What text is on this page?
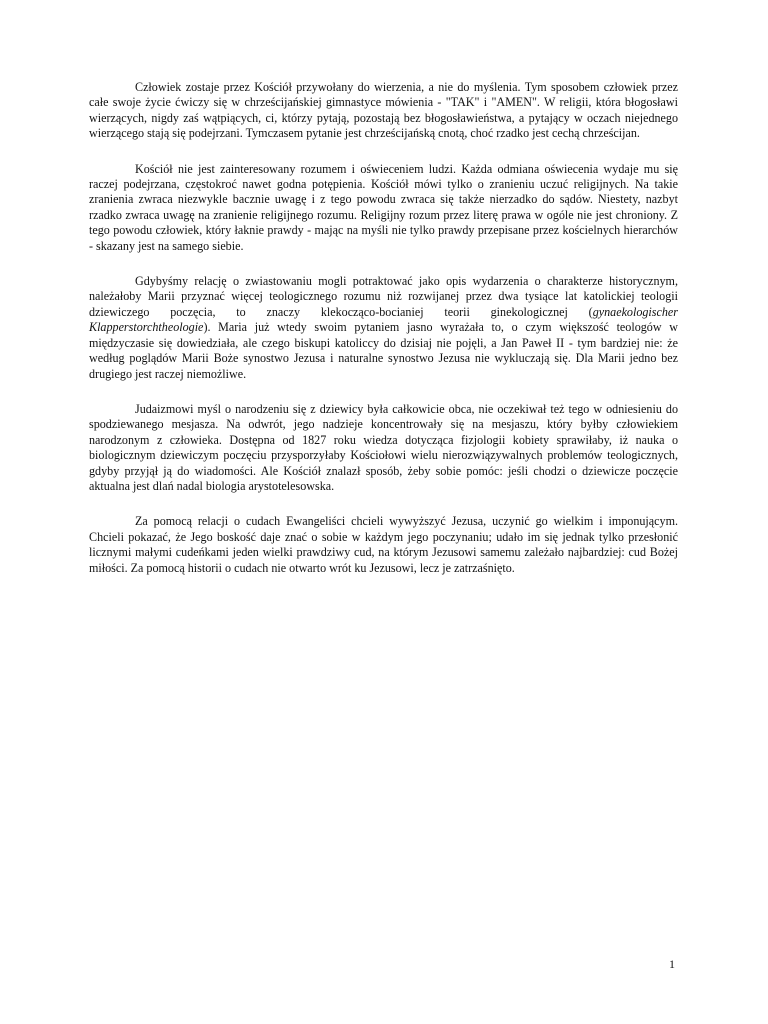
Człowiek zostaje przez Kościół przywołany do wierzenia, a nie do myślenia. Tym sposobem człowiek przez całe swoje życie ćwiczy się w chrześcijańskiej gimnastyce mówienia - "TAK" i "AMEN". W religii, która błogosławi wierzących, nigdy zaś wątpiących, ci, którzy pytają, pozostają bez błogosławieństwa, a pytający w oczach niejednego wierzącego stają się podejrzani. Tymczasem pytanie jest chrześcijańską cnotą, choć rzadko jest cechą chrześcijan.

Kościół nie jest zainteresowany rozumem i oświeceniem ludzi. Każda odmiana oświecenia wydaje mu się raczej podejrzana, częstokroć nawet godna potępienia. Kościół mówi tylko o zranieniu uczuć religijnych. Na takie zranienia zwraca niezwykle bacznie uwagę i z tego powodu zwraca się także nierzadko do sądów. Niestety, nazbyt rzadko zwraca uwagę na zranienie religijnego rozumu. Religijny rozum przez literę prawa w ogóle nie jest chroniony. Z tego powodu człowiek, który łaknie prawdy - mając na myśli nie tylko prawdy przepisane przez kościelnych hierarchów - skazany jest na samego siebie.

Gdybyśmy relację o zwiastowaniu mogli potraktować jako opis wydarzenia o charakterze historycznym, należałoby Marii przyznać więcej teologicznego rozumu niż rozwijanej przez dwa tysiące lat katolickiej teologii dziewiczego poczęcia, to znaczy klekocząco-bocianiej teorii ginekologicznej (gynaekologischer Klapperstorchtheologie). Maria już wtedy swoim pytaniem jasno wyrażała to, o czym większość teologów w międzyczasie się dowiedziała, ale czego biskupi katoliccy do dzisiaj nie pojęli, a Jan Paweł II - tym bardziej nie: że według poglądów Marii Boże synostwo Jezusa i naturalne synostwo Jezusa nie wykluczają się. Dla Marii jedno bez drugiego jest raczej niemożliwe.

Judaizmowi myśl o narodzeniu się z dziewicy była całkowicie obca, nie oczekiwał też tego w odniesieniu do spodziewanego mesjasza. Na odwrót, jego nadzieje koncentrowały się na mesjaszu, który byłby człowiekiem narodzonym z człowieka. Dostępna od 1827 roku wiedza dotycząca fizjologii kobiety sprawiłaby, iż nauka o biologicznym dziewiczym poczęciu przysporzyłaby Kościołowi wielu nierozwiązywalnych problemów teologicznych, gdyby przyjął ją do wiadomości. Ale Kościół znalazł sposób, żeby sobie pomóc: jeśli chodzi o dziewicze poczęcie aktualna jest dlań nadal biologia arystotelesowska.

Za pomocą relacji o cudach Ewangeliści chcieli wywyższyć Jezusa, uczynić go wielkim i imponującym. Chcieli pokazać, że Jego boskość daje znać o sobie w każdym jego poczynaniu; udało im się jednak tylko przesłonić licznymi małymi cudeńkami jeden wielki prawdziwy cud, na którym Jezusowi samemu zależało najbardziej: cud Bożej miłości. Za pomocą historii o cudach nie otwarto wrót ku Jezusowi, lecz je zatrzaśnięto.

1
